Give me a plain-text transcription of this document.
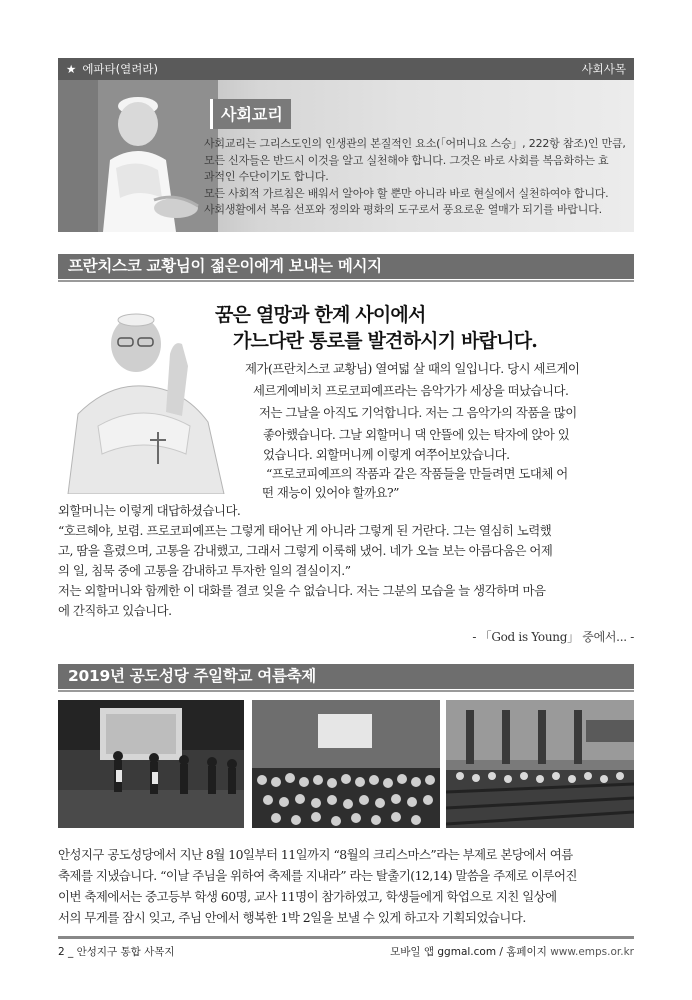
★ 에파타(열려라)	사회사목
사회교리

사회교리는 그리스도인의 인생관의 본질적인 요소(「어머니요 스승」, 222항 참조)인 만큼,

모든 신자들은 반드시 이것을 알고 실천해야 합니다. 그것은 바로 사회를 복음화하는 효

과적인 수단이기도 합니다.

모든 사회적 가르침은 배워서 알아야 할 뿐만 아니라 바로 현실에서 실천하여야 합니다.

사회생활에서 복음 선포와 정의와 평화의 도구로서 풍요로운 열매가 되기를 바랍니다.

프란치스코 교황님이 젊은이에게 보내는 메시지
꿈은 열망과 한계 사이에서
가느다란 통로를 발견하시기 바랍니다.
제가(프란치스코 교황님) 열여덟 살 때의 일입니다. 당시 세르게이
세르게예비치 프로코피예프라는 음악가가 세상을 떠났습니다.
저는 그날을 아직도 기억합니다. 저는 그 음악가의 작품을 많이
좋아했습니다. 그날 외할머니 댁 안뜰에 있는 탁자에 앉아 있
었습니다. 외할머니께 이렇게 여쭈어보았습니다.
“프로코피예프의 작품과 같은 작품들을 만들려면 도대체 어
떤 재능이 있어야 할까요?”
외할머니는 이렇게 대답하셨습니다.
“호르헤야, 보렴. 프로코피예프는 그렇게 태어난 게 아니라 그렇게 된 거란다. 그는 열심히 노력했
고, 땀을 흘렸으며, 고통을 감내했고, 그래서 그렇게 이룩해 냈어. 네가 오늘 보는 아름다움은 어제
의 일, 침묵 중에 고통을 감내하고 투자한 일의 결실이지.”
저는 외할머니와 함께한 이 대화를 결코 잊을 수 없습니다. 저는 그분의 모습을 늘 생각하며 마음
에 간직하고 있습니다.
- 「God is Young」 중에서... -
2019년 공도성당 주일학교 여름축제
안성지구 공도성당에서 지난 8월 10일부터 11일까지 “8월의 크리스마스”라는 부제로 본당에서 여름
축제를 지냈습니다. “이날 주님을 위하여 축제를 지내라” 라는 탈출기(12,14) 말씀을 주제로 이루어진
이번 축제에서는 중고등부 학생 60명, 교사 11명이 참가하였고, 학생들에게 학업으로 지친 일상에
서의 무게를 잠시 잊고, 주님 안에서 행복한 1박 2일을 보낼 수 있게 하고자 기획되었습니다.
2 _ 안성지구 통합 사목지	모바일 앱 ggmal.com / 홈페이지 www.emps.or.kr
